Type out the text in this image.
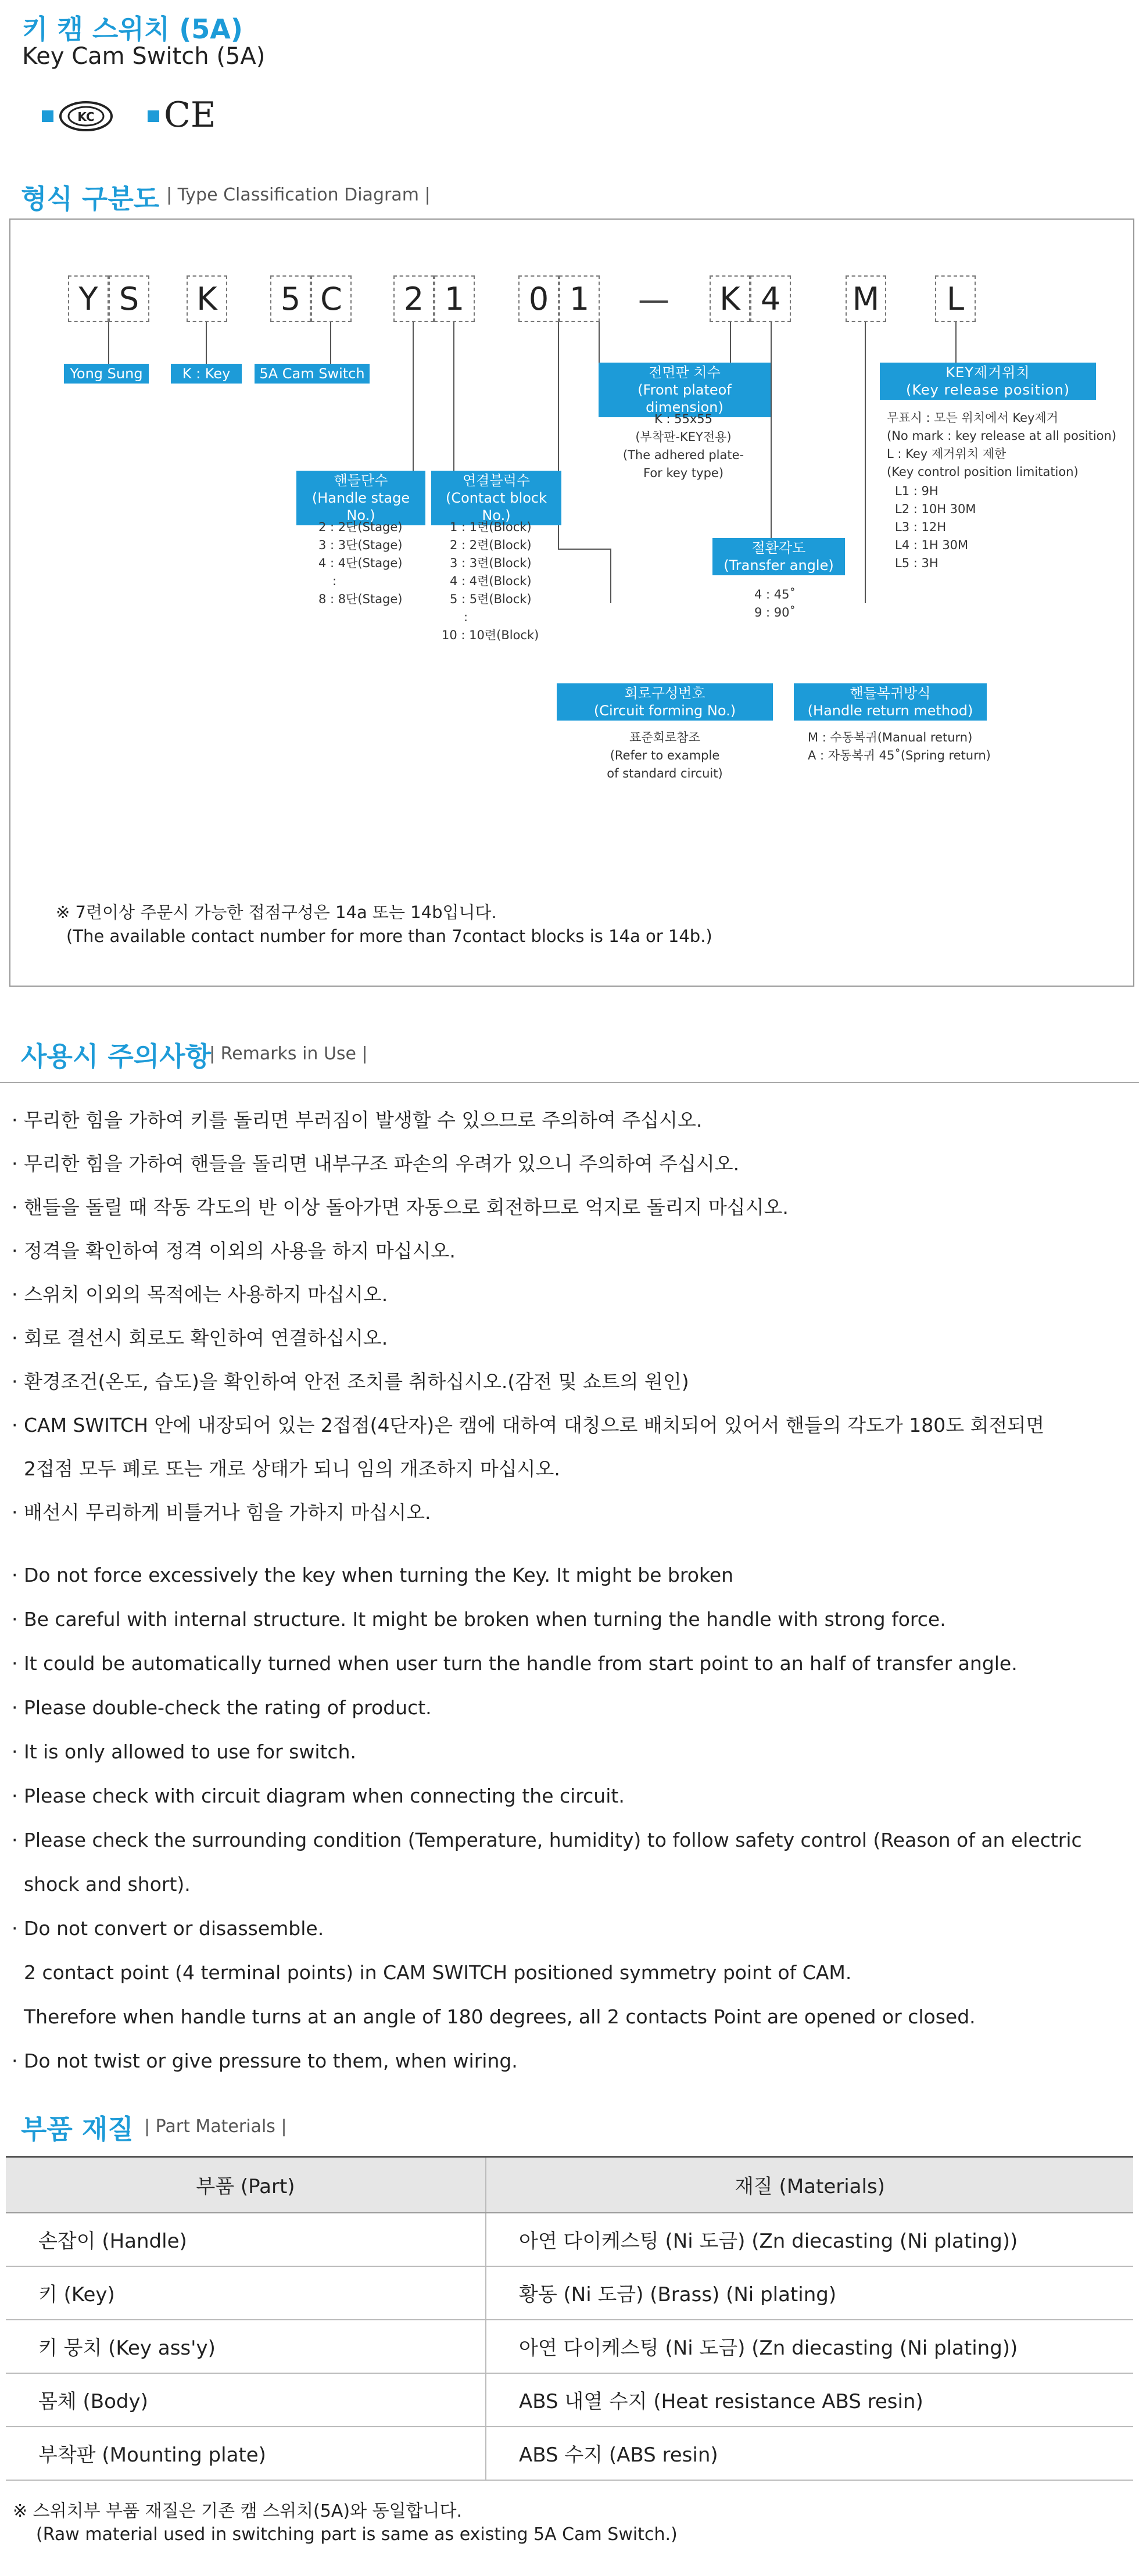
키 캠 스위치 (5A)
Key Cam Switch (5A)
KC CE
형식 구분도 | Type Classification Diagram |
Y S	K	5 C	2 1	0 1	—	K 4	M	L
Yong Sung	K : Key	5A Cam Switch
핸들단수
(Handle stage No.)
연결블럭수
(Contact block No.)
전면판 치수
(Front plateof dimension)
절환각도
(Transfer angle)
KEY제거위치
(Key release position)
회로구성번호
(Circuit forming No.)
핸들복귀방식
(Handle return method)
2 : 2단(Stage)
3 : 3단(Stage)
4 : 4단(Stage)
:
8 : 8단(Stage)
1 : 1련(Block)
2 : 2련(Block)
3 : 3련(Block)
4 : 4련(Block)
5 : 5련(Block)
:
10 : 10련(Block)
K : 55x55
(부착판-KEY전용)
(The adhered plate-
For key type)
4 : 45˚
9 : 90˚
무표시 : 모든 위치에서 Key제거
(No mark : key release at all position)
L : Key 제거위치 제한
(Key control position limitation)
L1 : 9H
L2 : 10H 30M
L3 : 12H
L4 : 1H 30M
L5 : 3H
표준회로참조
(Refer to example
of standard circuit)
M : 수동복귀(Manual return)
A : 자동복귀 45˚(Spring return)
※ 7련이상 주문시 가능한 접점구성은 14a 또는 14b입니다.
(The available contact number for more than 7contact blocks is 14a or 14b.)
사용시 주의사항
| Remarks in Use |
· 무리한 힘을 가하여 키를 돌리면 부러짐이 발생할 수 있으므로 주의하여 주십시오.
· 무리한 힘을 가하여 핸들을 돌리면 내부구조 파손의 우려가 있으니 주의하여 주십시오.
· 핸들을 돌릴 때 작동 각도의 반 이상 돌아가면 자동으로 회전하므로 억지로 돌리지 마십시오.
· 정격을 확인하여 정격 이외의 사용을 하지 마십시오.
· 스위치 이외의 목적에는 사용하지 마십시오.
· 회로 결선시 회로도 확인하여 연결하십시오.
· 환경조건(온도, 습도)을 확인하여 안전 조치를 취하십시오.(감전 및 쇼트의 원인)
· CAM SWITCH 안에 내장되어 있는 2접점(4단자)은 캠에 대하여 대칭으로 배치되어 있어서 핸들의 각도가 180도 회전되면
2접점 모두 폐로 또는 개로 상태가 되니 임의 개조하지 마십시오.
· 배선시 무리하게 비틀거나 힘을 가하지 마십시오.
· Do not force excessively the key when turning the Key. It might be broken
· Be careful with internal structure. It might be broken when turning the handle with strong force.
· It could be automatically turned when user turn the handle from start point to an half of transfer angle.
· Please double-check the rating of product.
· It is only allowed to use for switch.
· Please check with circuit diagram when connecting the circuit.
· Please check the surrounding condition (Temperature, humidity) to follow safety control (Reason of an electric
shock and short).
· Do not convert or disassemble.
2 contact point (4 terminal points) in CAM SWITCH positioned symmetry point of CAM.
Therefore when handle turns at an angle of 180 degrees, all 2 contacts Point are opened or closed.
· Do not twist or give pressure to them, when wiring.
부품 재질 | Part Materials |
부품 (Part)	재질 (Materials)
손잡이 (Handle)	아연 다이케스팅 (Ni 도금) (Zn diecasting (Ni plating))
키 (Key)	황동 (Ni 도금) (Brass) (Ni plating)
키 뭉치 (Key ass'y)	아연 다이케스팅 (Ni 도금) (Zn diecasting (Ni plating))
몸체 (Body)	ABS 내열 수지 (Heat resistance ABS resin)
부착판 (Mounting plate)	ABS 수지 (ABS resin)
※ 스위치부 부품 재질은 기존 캠 스위치(5A)와 동일합니다.
(Raw material used in switching part is same as existing 5A Cam Switch.)
